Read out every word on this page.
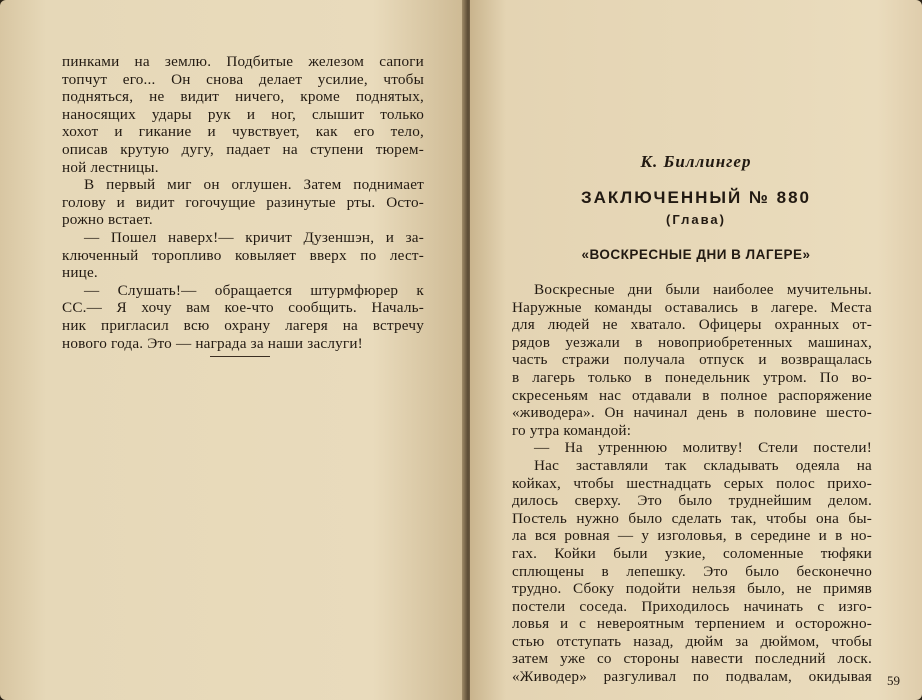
пинками на землю. Подбитые железом сапоги

топчут его... Он снова делает усилие, чтобы

подняться, не видит ничего, кроме поднятых,

наносящих удары рук и ног, слышит только

хохот и гикание и чувствует, как его тело,

описав крутую дугу, падает на ступени тюрем-

ной лестницы.

В первый миг он оглушен. Затем поднимает

голову и видит гогочущие разинутые рты. Осто-

рожно встает.

— Пошел наверх!— кричит Дузеншэн, и за-

ключенный торопливо ковыляет вверх по лест-

нице.

— Слушать!— обращается штурмфюрер к

СС.— Я хочу вам кое-что сообщить. Началь-

ник пригласил всю охрану лагеря на встречу

нового года. Это — награда за наши заслуги!

К. Биллингер
ЗАКЛЮЧЕННЫЙ № 880
(Глава)
«ВОСКРЕСНЫЕ ДНИ В ЛАГЕРЕ»

Воскресные дни были наиболее мучительны.

Наружные команды оставались в лагере. Места

для людей не хватало. Офицеры охранных от-

рядов уезжали в новоприобретенных машинах,

часть стражи получала отпуск и возвращалась

в лагерь только в понедельник утром. По во-

скресеньям нас отдавали в полное распоряжение

«живодера». Он начинал день в половине шесто-

го утра командой:

— На утреннюю молитву! Стели постели!

Нас заставляли так складывать одеяла на

койках, чтобы шестнадцать серых полос прихо-

дилось сверху. Это было труднейшим делом.

Постель нужно было сделать так, чтобы она бы-

ла вся ровная — у изголовья, в середине и в но-

гах. Койки были узкие, соломенные тюфяки

сплющены в лепешку. Это было бесконечно

трудно. Сбоку подойти нельзя было, не примяв

постели соседа. Приходилось начинать с изго-

ловья и с невероятным терпением и осторожно-

стью отступать назад, дюйм за дюймом, чтобы

затем уже со стороны навести последний лоск.

«Живодер» разгуливал по подвалам, окидывая 59
